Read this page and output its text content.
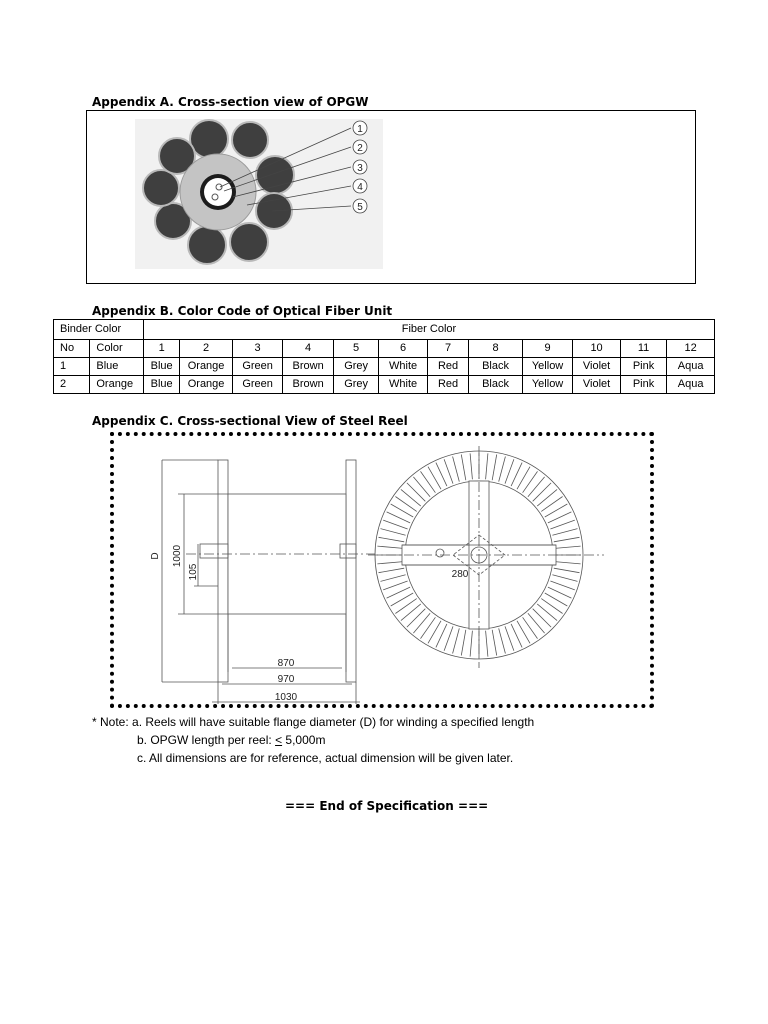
Appendix A. Cross-section view of OPGW
1
2
3
4
5
Appendix B. Color Code of Optical Fiber Unit
Binder Color		Fiber Color											
No	Color	1	2	3	4	5	6	7	8	9	10	11	12
1	Blue	Blue	Orange	Green	Brown	Grey	White	Red	Black	Yellow	Violet	Pink	Aqua
2	Orange	Blue	Orange	Green	Brown	Grey	White	Red	Black	Yellow	Violet	Pink	Aqua
Appendix C. Cross-sectional View of Steel Reel
D 1000
105
870
970
1030
280
* Note: a. Reels will have suitable flange diameter (D) for winding a specified length
b. OPGW length per reel: < 5,000m
c. All dimensions are for reference, actual dimension will be given later.
=== End of Specification ===
